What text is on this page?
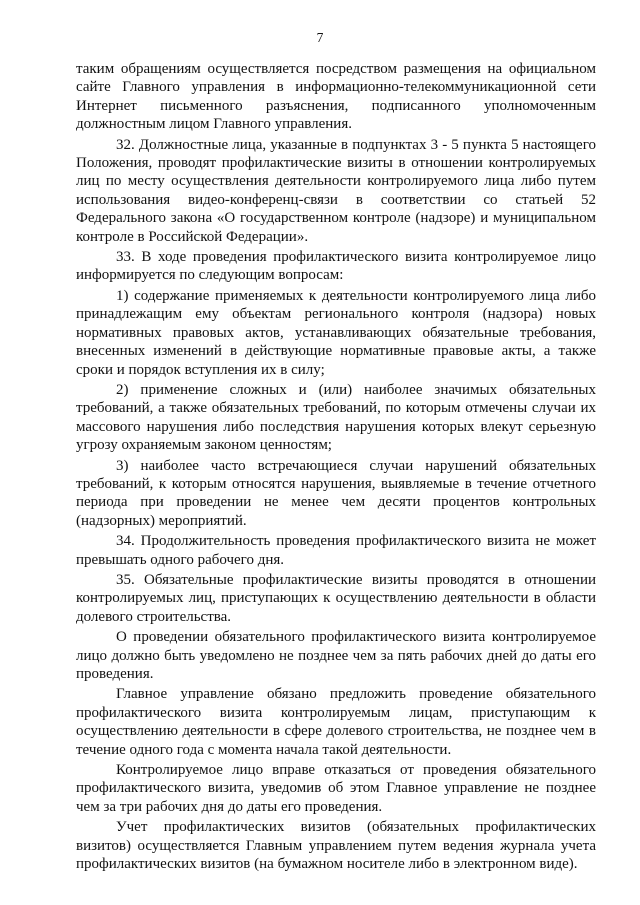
7

таким обращениям осуществляется посредством размещения на официальном сайте Главного управления в информационно-телекоммуникационной сети Интернет письменного разъяснения, подписанного уполномоченным должностным лицом Главного управления.

32. Должностные лица, указанные в подпунктах 3 - 5 пункта 5 настоящего Положения, проводят профилактические визиты в отношении контролируемых лиц по месту осуществления деятельности контролируемого лица либо путем использования видео-конференц-связи в соответствии со статьей 52 Федерального закона «О государственном контроле (надзоре) и муниципальном контроле в Российской Федерации».

33. В ходе проведения профилактического визита контролируемое лицо информируется по следующим вопросам:

1) содержание применяемых к деятельности контролируемого лица либо принадлежащим ему объектам регионального контроля (надзора) новых нормативных правовых актов, устанавливающих обязательные требования, внесенных изменений в действующие нормативные правовые акты, а также сроки и порядок вступления их в силу;

2) применение сложных и (или) наиболее значимых обязательных требований, а также обязательных требований, по которым отмечены случаи их массового нарушения либо последствия нарушения которых влекут серьезную угрозу охраняемым законом ценностям;

3) наиболее часто встречающиеся случаи нарушений обязательных требований, к которым относятся нарушения, выявляемые в течение отчетного периода при проведении не менее чем десяти процентов контрольных (надзорных) мероприятий.

34. Продолжительность проведения профилактического визита не может превышать одного рабочего дня.

35. Обязательные профилактические визиты проводятся в отношении контролируемых лиц, приступающих к осуществлению деятельности в области долевого строительства.

О проведении обязательного профилактического визита контролируемое лицо должно быть уведомлено не позднее чем за пять рабочих дней до даты его проведения.

Главное управление обязано предложить проведение обязательного профилактического визита контролируемым лицам, приступающим к осуществлению деятельности в сфере долевого строительства, не позднее чем в течение одного года с момента начала такой деятельности.

Контролируемое лицо вправе отказаться от проведения обязательного профилактического визита, уведомив об этом Главное управление не позднее чем за три рабочих дня до даты его проведения.

Учет профилактических визитов (обязательных профилактических визитов) осуществляется Главным управлением путем ведения журнала учета профилактических визитов (на бумажном носителе либо в электронном виде).
